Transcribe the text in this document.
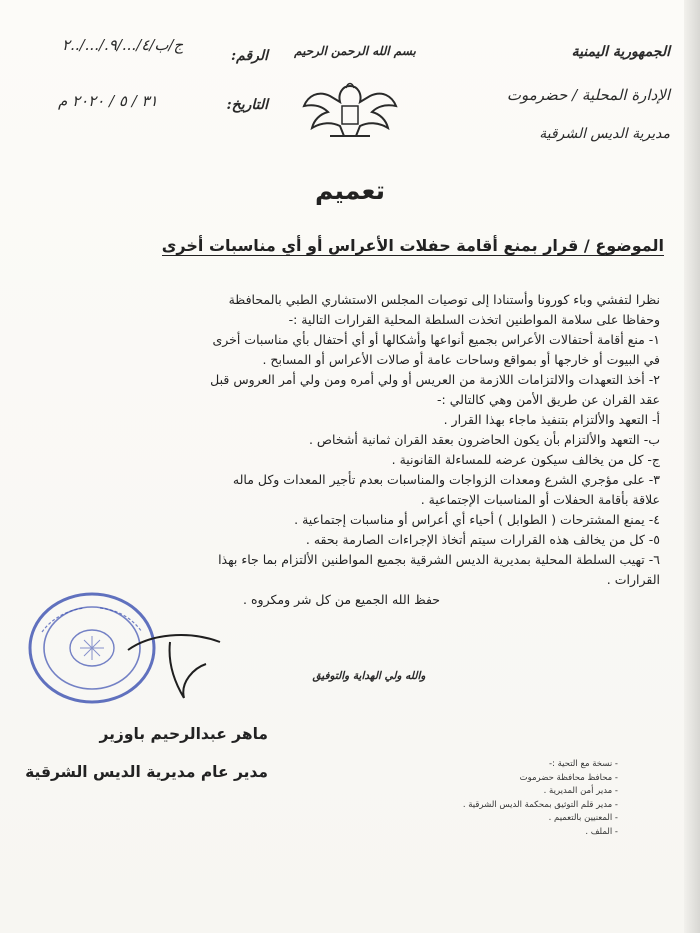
الجمهورية اليمنية
الإدارة المحلية / حضرموت
مديرية الديس الشرقية
بسم الله الرحمن الرحيم
ج/ب/٤/.../٩./.../..٢
الرقم:
٣١ / ٥ / ٢٠٢٠ م	التاريخ:
تعميم
الموضوع / قرار بمنع أقامة حفلات الأعراس أو أي مناسبات أخرى

نظرا لتفشي وباء كورونا وأستنادا إلى توصيات المجلس الاستشاري الطبي بالمحافظة

وحفاظا على سلامة المواطنين اتخذت السلطة المحلية القرارات التالية :-

١- منع أقامة أحتفالات الأعراس بجميع أنواعها وأشكالها أو أي أحتفال بأي مناسبات أخرى

في البيوت أو خارجها أو بمواقع وساحات عامة أو صالات الأعراس أو المسابح .

٢- أخذ التعهدات والالتزامات اللازمة من العريس أو ولي أمره ومن ولي أمر العروس قبل

عقد القران عن طريق الأمن وهي كالتالي :-

أ- التعهد والألتزام بتنفيذ ماجاء بهذا القرار .

ب- التعهد والألتزام بأن يكون الحاضرون بعقد القران ثمانية أشخاص .

ج- كل من يخالف سيكون عرضه للمساءلة القانونية .

٣- على مؤجري الشرع ومعدات الزواجات والمناسبات بعدم تأجير المعدات وكل ماله

علاقة بأقامة الحفلات أو المناسبات الإجتماعية .

٤- يمنع المشترحات ( الطوابل ) أحياء أي أعراس أو مناسبات إجتماعية .

٥- كل من يخالف هذه القرارات سيتم أتخاذ الإجراءات الصارمة بحقه .

٦- تهيب السلطة المحلية بمديرية الديس الشرقية بجميع المواطنين الألتزام بما جاء بهذا

القرارات .

حفظ الله الجميع من كل شر ومكروه .

والله ولي الهداية والتوفيق
ماهر عبدالرحيم باوزير
مدير عام مديرية الديس الشرقية	- نسخة مع التحية :-

- محافظ محافظة حضرموت

- مدير أمن المديرية .

- مدير قلم التوثيق بمحكمة الديس الشرقية .

- المعنيين بالتعميم .

- الملف .
